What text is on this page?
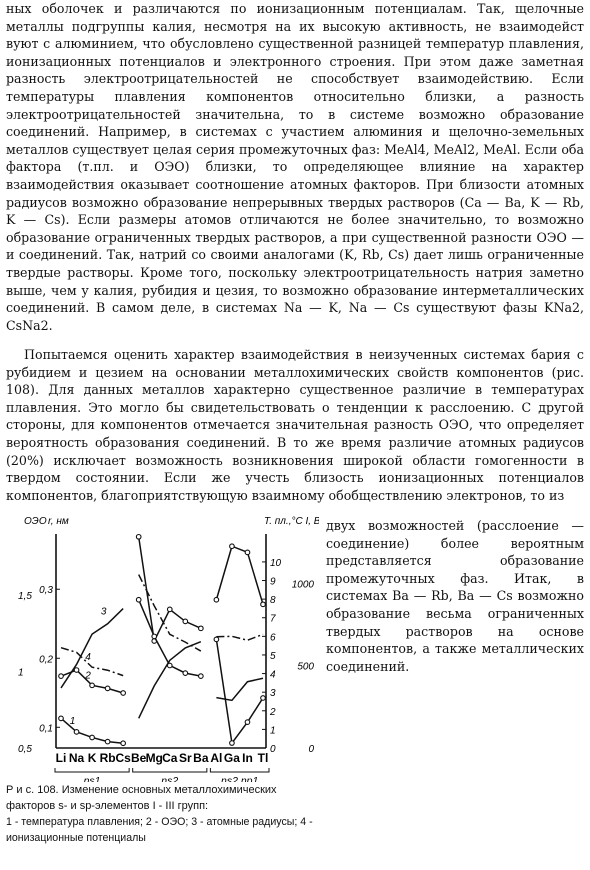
ных оболочек и различаются по ионизационным потенциалам. Так, щелочные металлы подгруппы калия, несмотря на их высокую активность, не взаимодейст вуют с алюминием, что обусловлено существенной разницей температур плавления, ионизационных потенциалов и электронного строения. При этом даже заметная разность электроотрицательностей не способствует взаимодействию. Если температуры плавления компонентов относительно близки, а разность электроотрицательностей значительна, то в системе возможно образование соединений. Например, в системах с участием алюминия и щелочно-земельных металлов существует целая серия промежуточных фаз: MeAl4, MeAl2, MeAl. Если оба фактора (т.пл. и ОЭО) близки, то определяющее влияние на характер взаимодействия оказывает соотношение атомных факторов. При близости атомных радиусов возможно образование непрерывных твердых растворов (Ca — Ba, K — Rb, K — Cs). Если размеры атомов отличаются не более значительно, то возможно образование ограниченных твердых растворов, а при существенной разности ОЭО — и соединений. Так, натрий со своими аналогами (K, Rb, Cs) дает лишь ограниченные твердые растворы. Кроме того, поскольку электроотрицательность натрия заметно выше, чем у калия, рубидия и цезия, то возможно образование интерметаллических соединений. В самом деле, в системах Na — K, Na — Cs существуют фазы KNa2, CsNa2.

Попытаемся оценить характер взаимодействия в неизученных системах бария с рубидием и цезием на основании металлохимических свойств компонентов (рис. 108). Для данных металлов характерно существенное различие в температурах плавления. Это могло бы свидетельствовать о тенденции к расслоению. С другой стороны, для компонентов отмечается значительная разность ОЭО, что определяет вероятность образования соединений. В то же время различие атомных радиусов (20%) исключает возможность возникновения широкой области гомогенности в твердом состоянии. Если же учесть близость ионизационных потенциалов компонентов, благоприятствующую взаимному обобществлению электронов, то из

двух возможностей (расслоение — соединение) более вероятным представляется образование промежуточных фаз. Итак, в системах Ba — Rb, Ba — Cs возможно образование весьма ограниченных твердых растворов на основе компонентов, а также металлических соединений.

ОЭО r, нм	Т. пл.,°С I, В
0,5
1
1,5
0,1
0,2
0,3
0
500
1000
0
1
2
3
4
5
6
7
8
9
10
Li Na K Rb Cs Be Mg Ca Sr Ba Al Ga In Tl
ns1	ns2	ns2 np1
1
2
3
4
Р и с. 108. Изменение основных металлохимических факторов s- и sp-элементов I - III групп:
1 - температура плавления; 2 - ОЭО; 3 - атомные радиусы; 4 - ионизационные потенциалы
